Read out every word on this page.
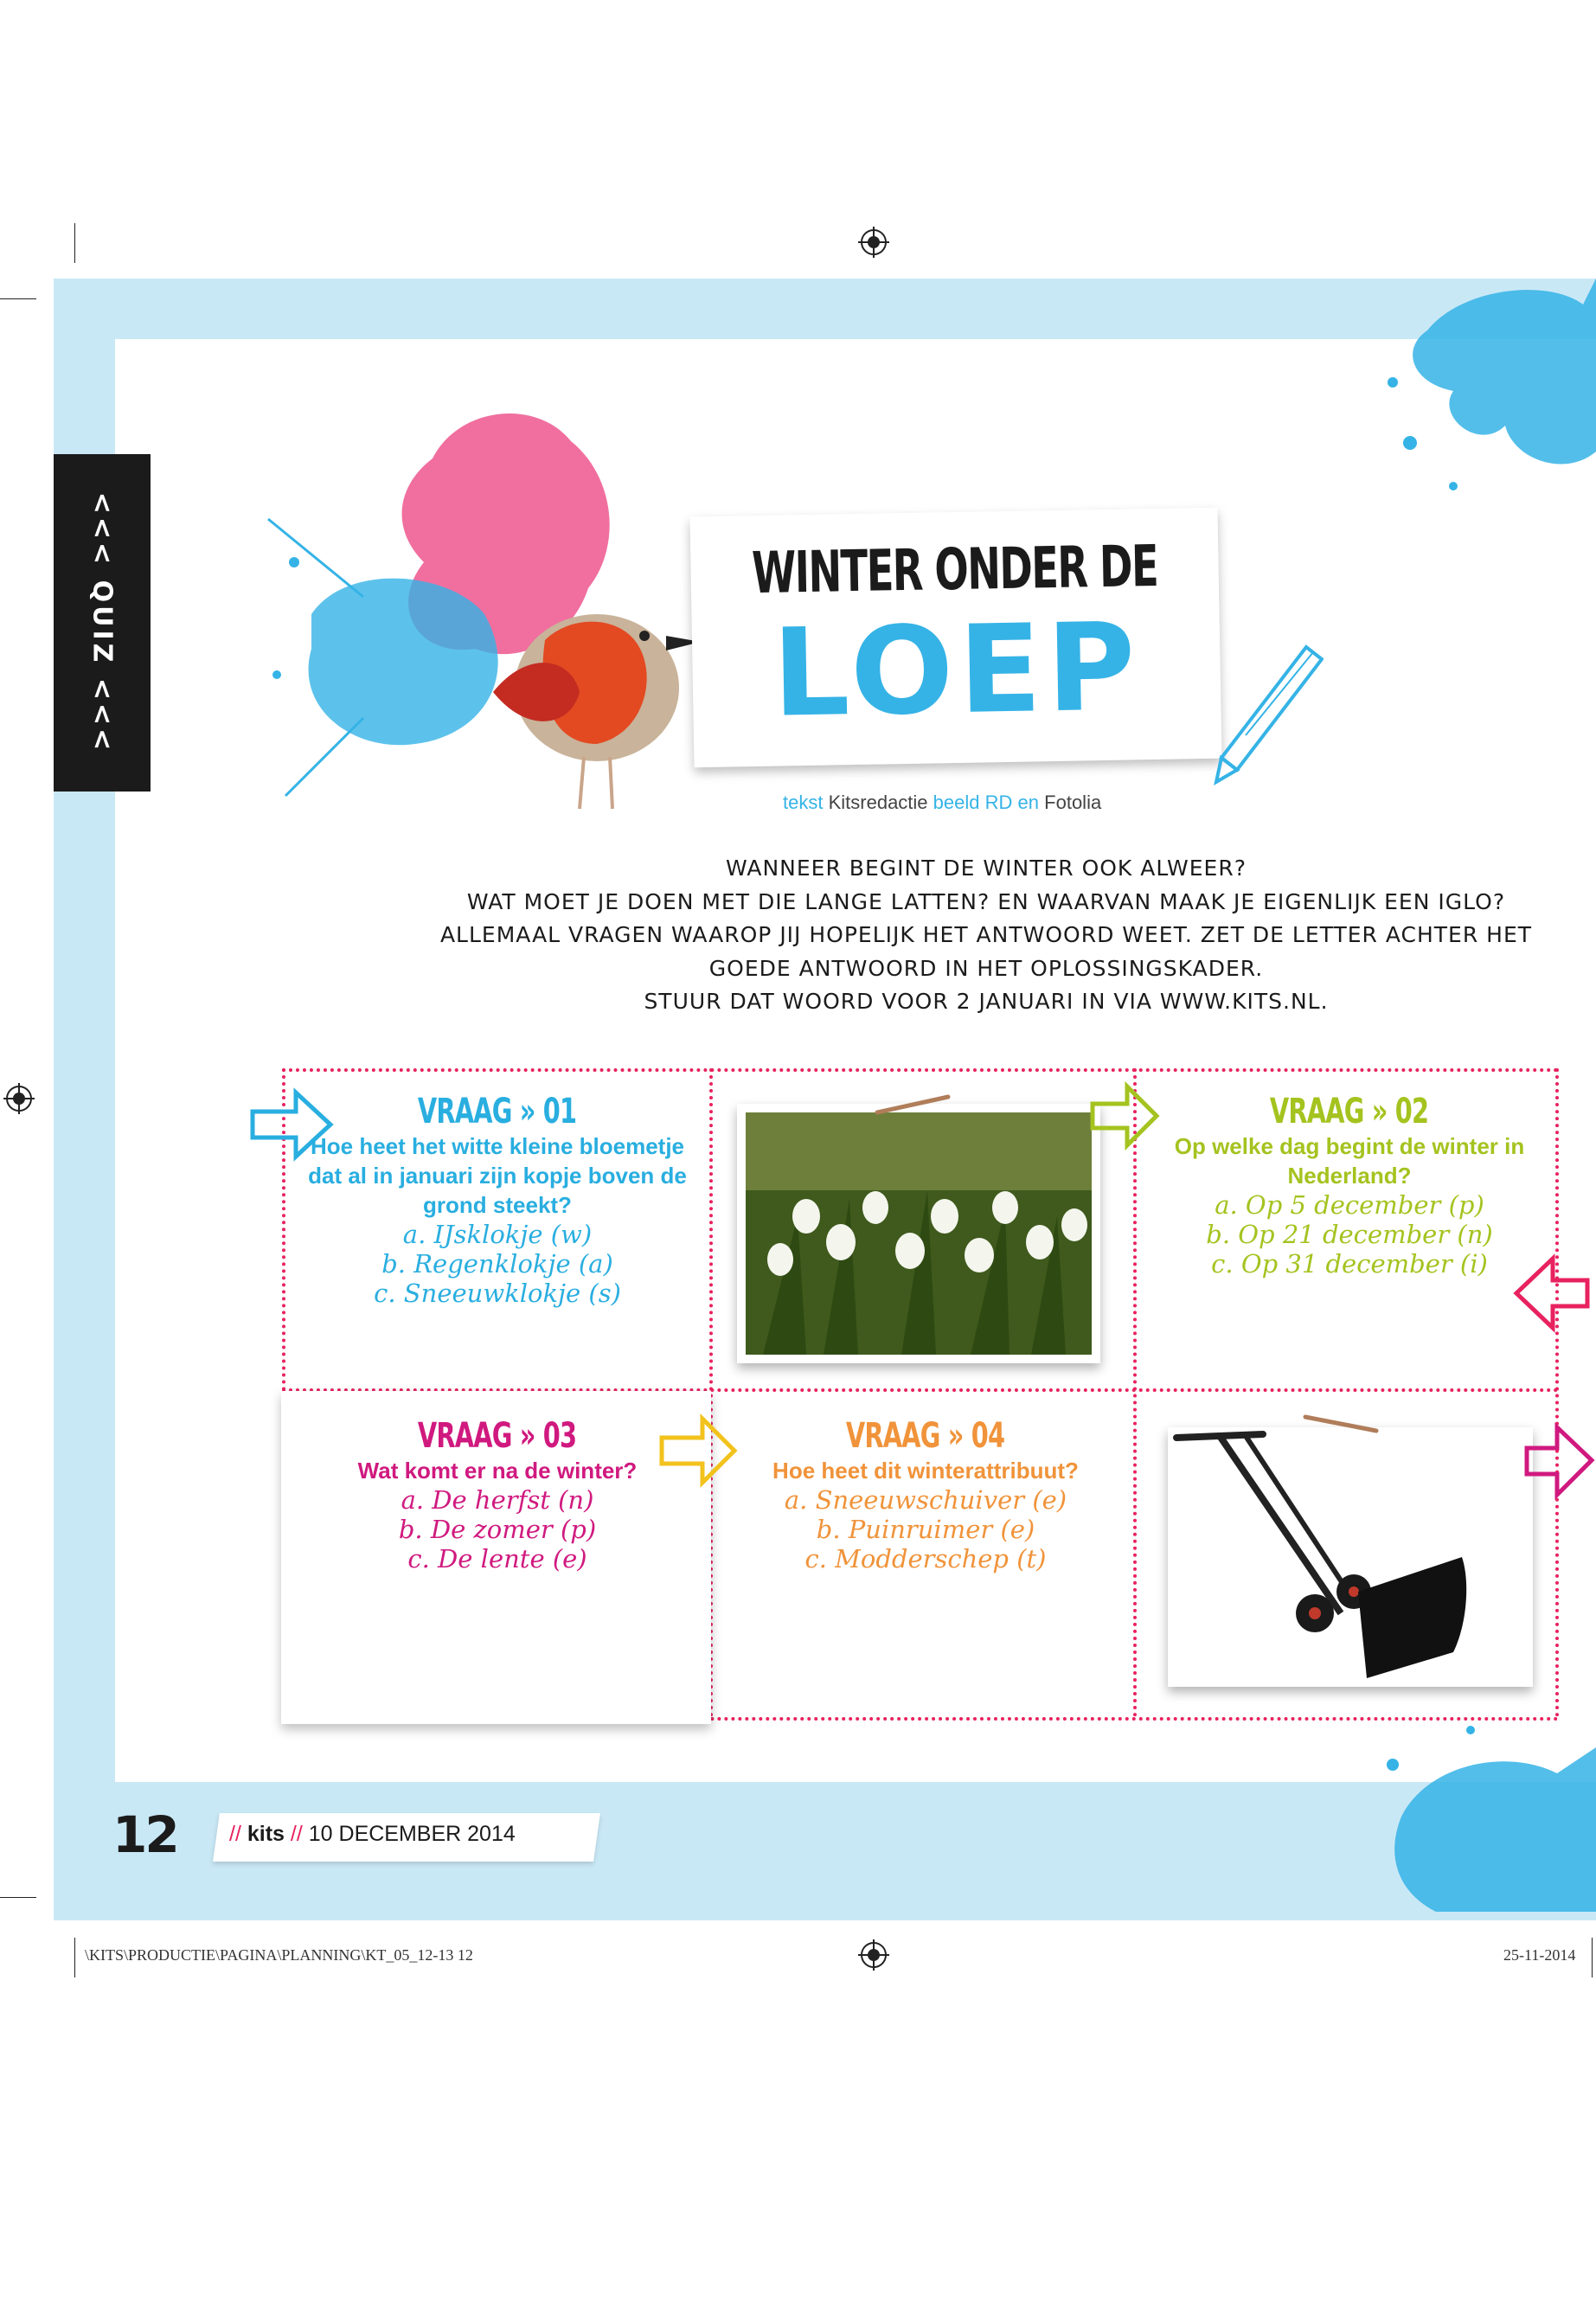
<<< QUIZ <<<	WINTER ONDER DE
LOEP
tekst Kitsredactie beeld RD en Fotolia
WANNEER BEGINT DE WINTER OOK ALWEER?
WAT MOET JE DOEN MET DIE LANGE LATTEN? EN WAARVAN MAAK JE EIGENLIJK EEN IGLO?
ALLEMAAL VRAGEN WAAROP JIJ HOPELIJK HET ANTWOORD WEET. ZET DE LETTER ACHTER HET
GOEDE ANTWOORD IN HET OPLOSSINGSKADER.
STUUR DAT WOORD VOOR 2 JANUARI IN VIA WWW.KITS.NL.
VRAAG » 01
Hoe heet het witte kleine bloemetje dat al in januari zijn kopje boven de grond steekt?
a. IJsklokje (w)
b. Regenklokje (a)
c. Sneeuwklokje (s)
VRAAG » 02
Op welke dag begint de winter in Nederland?
a. Op 5 december (p)
b. Op 21 december (n)
c. Op 31 december (i)
VRAAG » 03
Wat komt er na de winter?
a. De herfst (n)
b. De zomer (p)
c. De lente (e)
VRAAG » 04
Hoe heet dit winterattribuut?
a. Sneeuwschuiver (e)
b. Puinruimer (e)
c. Modderschep (t)
12 // kits // 10 DECEMBER 2014
\KITS\PRODUCTIE\PAGINA\PLANNING\KT_05_12-13 12	25-11-2014
